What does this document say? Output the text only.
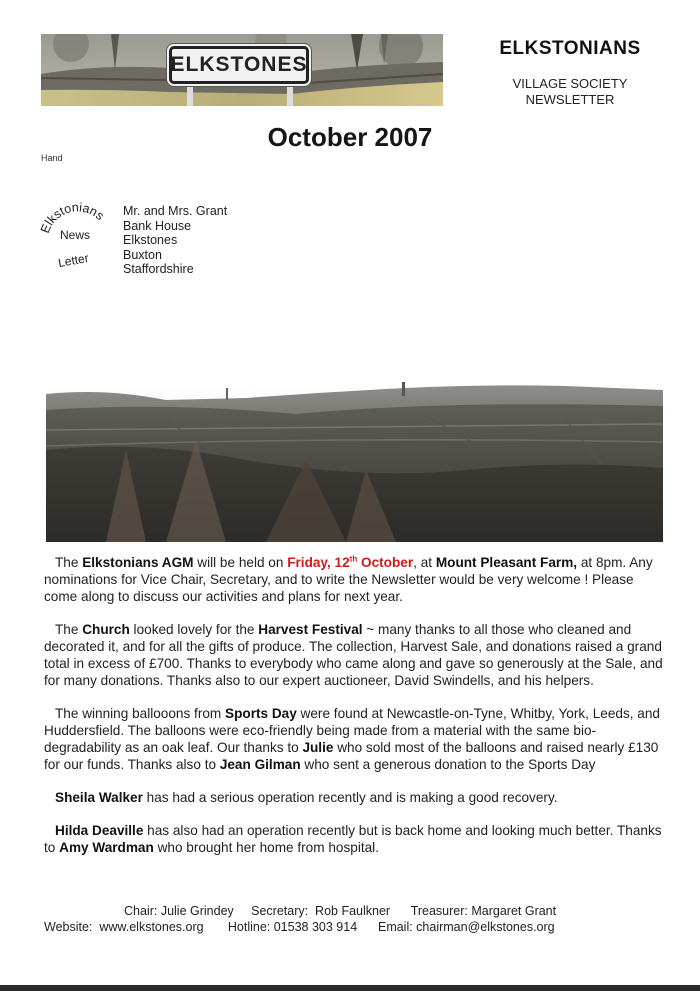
ELKSTONES
ELKSTONIANS
VILLAGE SOCIETY
NEWSLETTER
October 2007
Hand
Elkstonians
News
Letter
Mr. and Mrs. Grant
Bank House
Elkstones
Buxton
Staffordshire

The Elkstonians AGM will be held on Friday, 12th October, at Mount Pleasant Farm, at 8pm. Any nominations for Vice Chair, Secretary, and to write the Newsletter would be very welcome ! Please come along to discuss our activities and plans for next year.

The Church looked lovely for the Harvest Festival ~ many thanks to all those who cleaned and decorated it, and for all the gifts of produce. The collection, Harvest Sale, and donations raised a grand total in excess of £700. Thanks to everybody who came along and gave so generously at the Sale, and for many donations. Thanks also to our expert auctioneer, David Swindells, and his helpers.

The winning ballooons from Sports Day were found at Newcastle-on-Tyne, Whitby, York, Leeds, and Huddersfield. The balloons were eco-friendly being made from a material with the same bio-degradability as an oak leaf. Our thanks to Julie who sold most of the balloons and raised nearly £130 for our funds. Thanks also to Jean Gilman who sent a generous donation to the Sports Day

Sheila Walker has had a serious operation recently and is making a good recovery.

Hilda Deaville has also had an operation recently but is back home and looking much better. Thanks to Amy Wardman who brought her home from hospital.

Chair: Julie Grindey     Secretary:  Rob Faulkner      Treasurer: Margaret Grant
Website:  www.elkstones.org       Hotline: 01538 303 914      Email: chairman@elkstones.org
